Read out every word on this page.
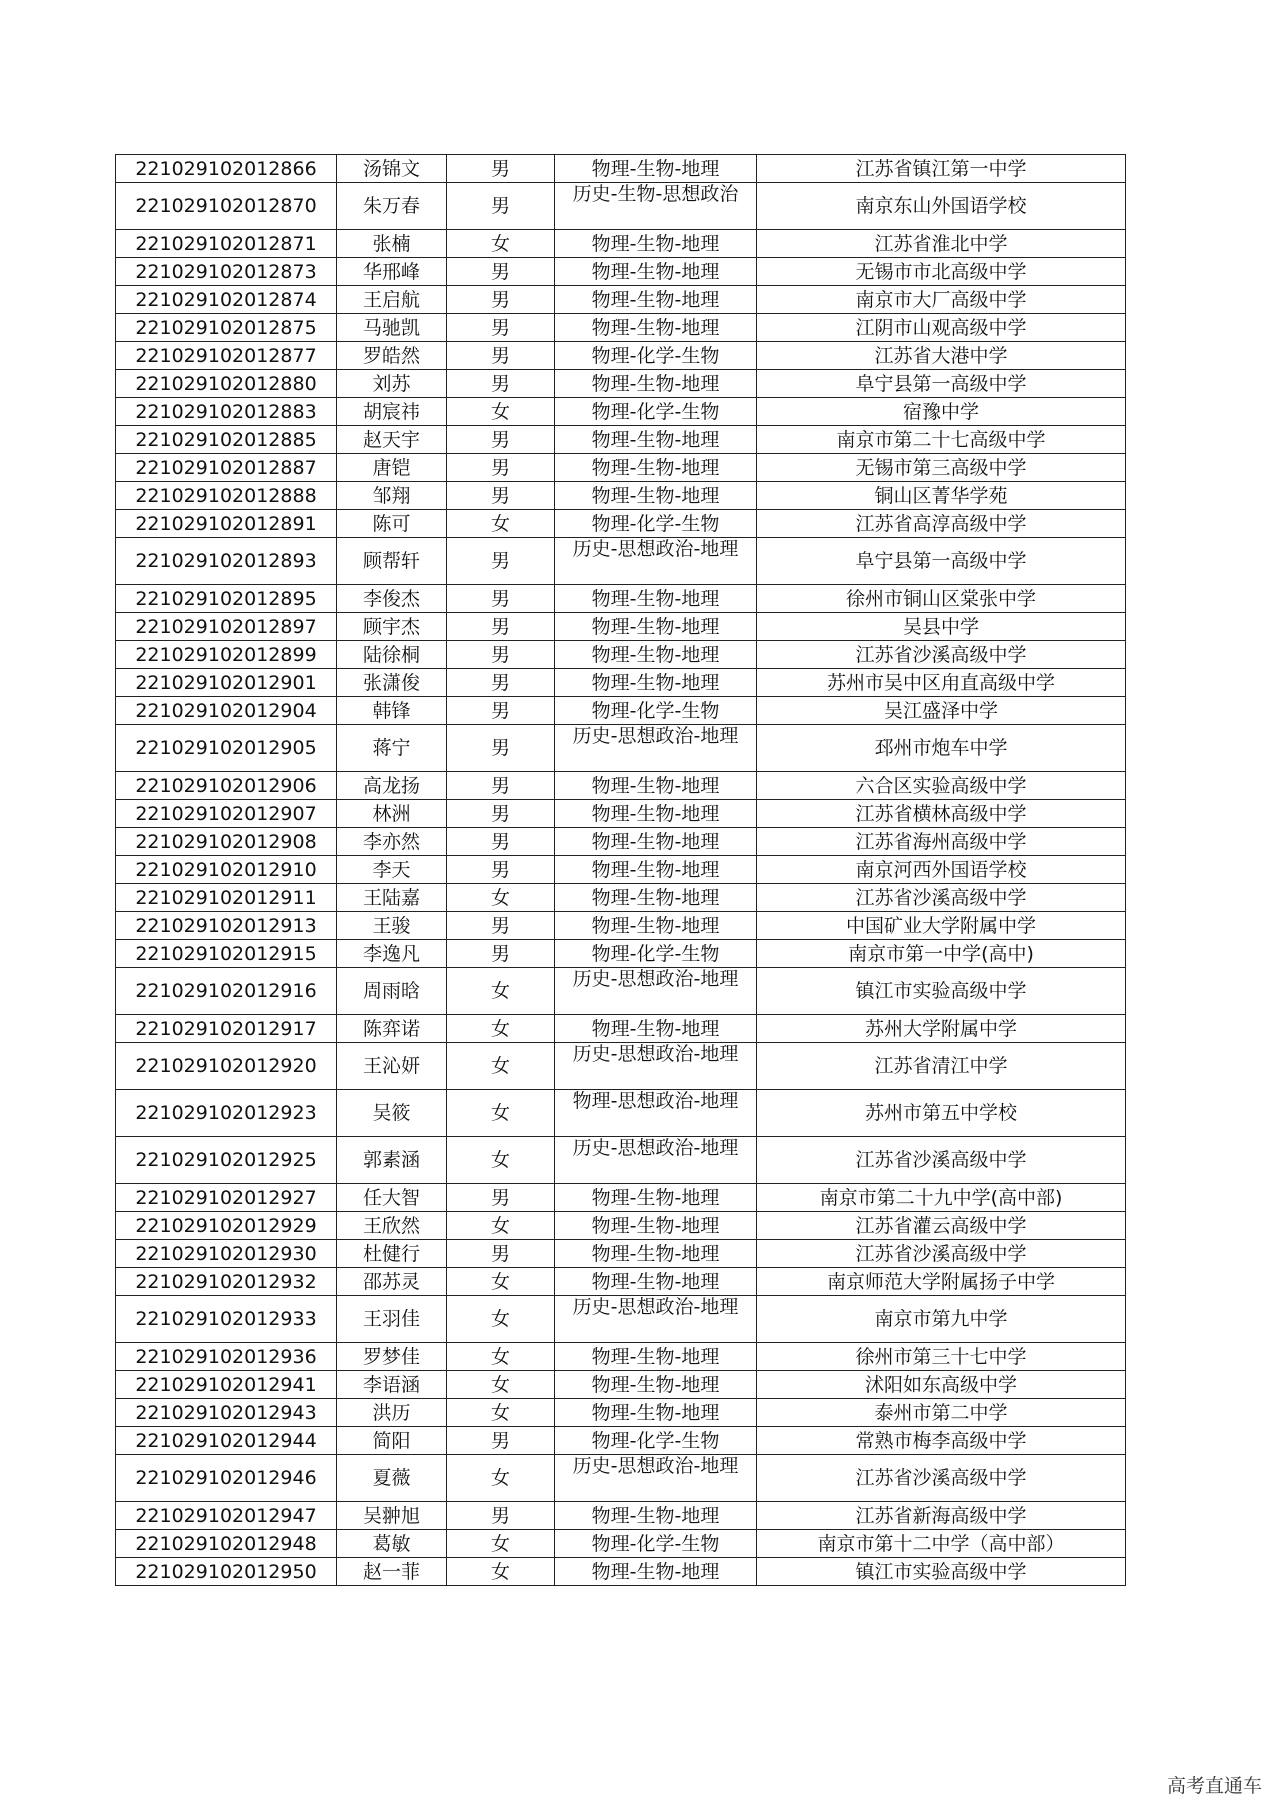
221029102012866	汤锦文	男	物理-生物-地理	江苏省镇江第一中学
221029102012870	朱万春	男	历史-生物-思想政治	南京东山外国语学校
221029102012871	张楠	女	物理-生物-地理	江苏省淮北中学
221029102012873	华邢峰	男	物理-生物-地理	无锡市市北高级中学
221029102012874	王启航	男	物理-生物-地理	南京市大厂高级中学
221029102012875	马驰凯	男	物理-生物-地理	江阴市山观高级中学
221029102012877	罗皓然	男	物理-化学-生物	江苏省大港中学
221029102012880	刘苏	男	物理-生物-地理	阜宁县第一高级中学
221029102012883	胡宸祎	女	物理-化学-生物	宿豫中学
221029102012885	赵天宇	男	物理-生物-地理	南京市第二十七高级中学
221029102012887	唐铠	男	物理-生物-地理	无锡市第三高级中学
221029102012888	邹翔	男	物理-生物-地理	铜山区菁华学苑
221029102012891	陈可	女	物理-化学-生物	江苏省高淳高级中学
221029102012893	顾帮轩	男	历史-思想政治-地理	阜宁县第一高级中学
221029102012895	李俊杰	男	物理-生物-地理	徐州市铜山区棠张中学
221029102012897	顾宇杰	男	物理-生物-地理	吴县中学
221029102012899	陆徐桐	男	物理-生物-地理	江苏省沙溪高级中学
221029102012901	张潇俊	男	物理-生物-地理	苏州市吴中区甪直高级中学
221029102012904	韩锋	男	物理-化学-生物	吴江盛泽中学
221029102012905	蒋宁	男	历史-思想政治-地理	邳州市炮车中学
221029102012906	高龙扬	男	物理-生物-地理	六合区实验高级中学
221029102012907	林洲	男	物理-生物-地理	江苏省横林高级中学
221029102012908	李亦然	男	物理-生物-地理	江苏省海州高级中学
221029102012910	李天	男	物理-生物-地理	南京河西外国语学校
221029102012911	王陆嘉	女	物理-生物-地理	江苏省沙溪高级中学
221029102012913	王骏	男	物理-生物-地理	中国矿业大学附属中学
221029102012915	李逸凡	男	物理-化学-生物	南京市第一中学(高中)
221029102012916	周雨晗	女	历史-思想政治-地理	镇江市实验高级中学
221029102012917	陈弈诺	女	物理-生物-地理	苏州大学附属中学
221029102012920	王沁妍	女	历史-思想政治-地理	江苏省清江中学
221029102012923	吴筱	女	物理-思想政治-地理	苏州市第五中学校
221029102012925	郭素涵	女	历史-思想政治-地理	江苏省沙溪高级中学
221029102012927	任大智	男	物理-生物-地理	南京市第二十九中学(高中部)
221029102012929	王欣然	女	物理-生物-地理	江苏省灌云高级中学
221029102012930	杜健行	男	物理-生物-地理	江苏省沙溪高级中学
221029102012932	邵苏灵	女	物理-生物-地理	南京师范大学附属扬子中学
221029102012933	王羽佳	女	历史-思想政治-地理	南京市第九中学
221029102012936	罗梦佳	女	物理-生物-地理	徐州市第三十七中学
221029102012941	李语涵	女	物理-生物-地理	沭阳如东高级中学
221029102012943	洪历	女	物理-生物-地理	泰州市第二中学
221029102012944	简阳	男	物理-化学-生物	常熟市梅李高级中学
221029102012946	夏薇	女	历史-思想政治-地理	江苏省沙溪高级中学
221029102012947	吴翀旭	男	物理-生物-地理	江苏省新海高级中学
221029102012948	葛敏	女	物理-化学-生物	南京市第十二中学（高中部）
221029102012950	赵一菲	女	物理-生物-地理	镇江市实验高级中学
高考直通车
